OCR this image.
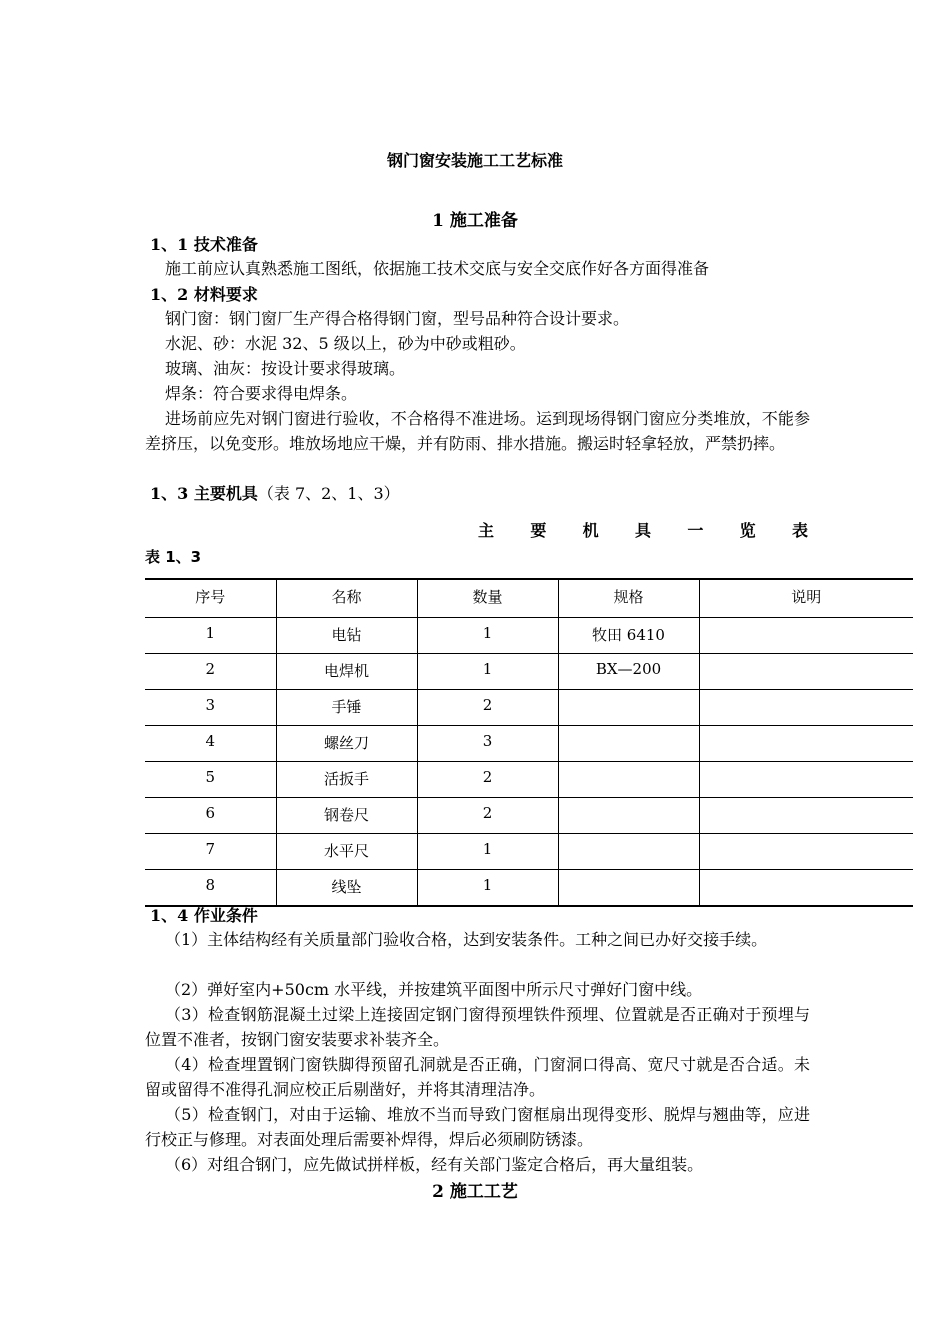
钢门窗安装施工工艺标准
1 施工准备
1、1 技术准备
施工前应认真熟悉施工图纸，依据施工技术交底与安全交底作好各方面得准备
1、2 材料要求
钢门窗：钢门窗厂生产得合格得钢门窗，型号品种符合设计要求。
水泥、砂：水泥 32、5 级以上，砂为中砂或粗砂。
玻璃、油灰：按设计要求得玻璃。
焊条：符合要求得电焊条。
进场前应先对钢门窗进行验收，不合格得不准进场。运到现场得钢门窗应分类堆放，不能参差挤压，以免变形。堆放场地应干燥，并有防雨、排水措施。搬运时轻拿轻放，严禁扔摔。
1、3 主要机具（表 7、2、1、3）
主 要 机 具 一 览 表
表 1、3
序号	名称	数量	规格	说明
1	电钻	1	牧田 6410	
2	电焊机	1	BX—200	
3	手锤	2		
4	螺丝刀	3		
5	活扳手	2		
6	钢卷尺	2		
7	水平尺	1		
8	线坠	1		
1、4 作业条件
（1）主体结构经有关质量部门验收合格，达到安装条件。工种之间已办好交接手续。
（2）弹好室内+50cm 水平线，并按建筑平面图中所示尺寸弹好门窗中线。
（3）检查钢筋混凝土过梁上连接固定钢门窗得预埋铁件预埋、位置就是否正确对于预埋与位置不准者，按钢门窗安装要求补装齐全。
（4）检查埋置钢门窗铁脚得预留孔洞就是否正确，门窗洞口得高、宽尺寸就是否合适。未留或留得不准得孔洞应校正后剔凿好，并将其清理洁净。
（5）检查钢门，对由于运输、堆放不当而导致门窗框扇出现得变形、脱焊与翘曲等，应进行校正与修理。对表面处理后需要补焊得，焊后必须刷防锈漆。
（6）对组合钢门，应先做试拼样板，经有关部门鉴定合格后，再大量组装。
2 施工工艺
